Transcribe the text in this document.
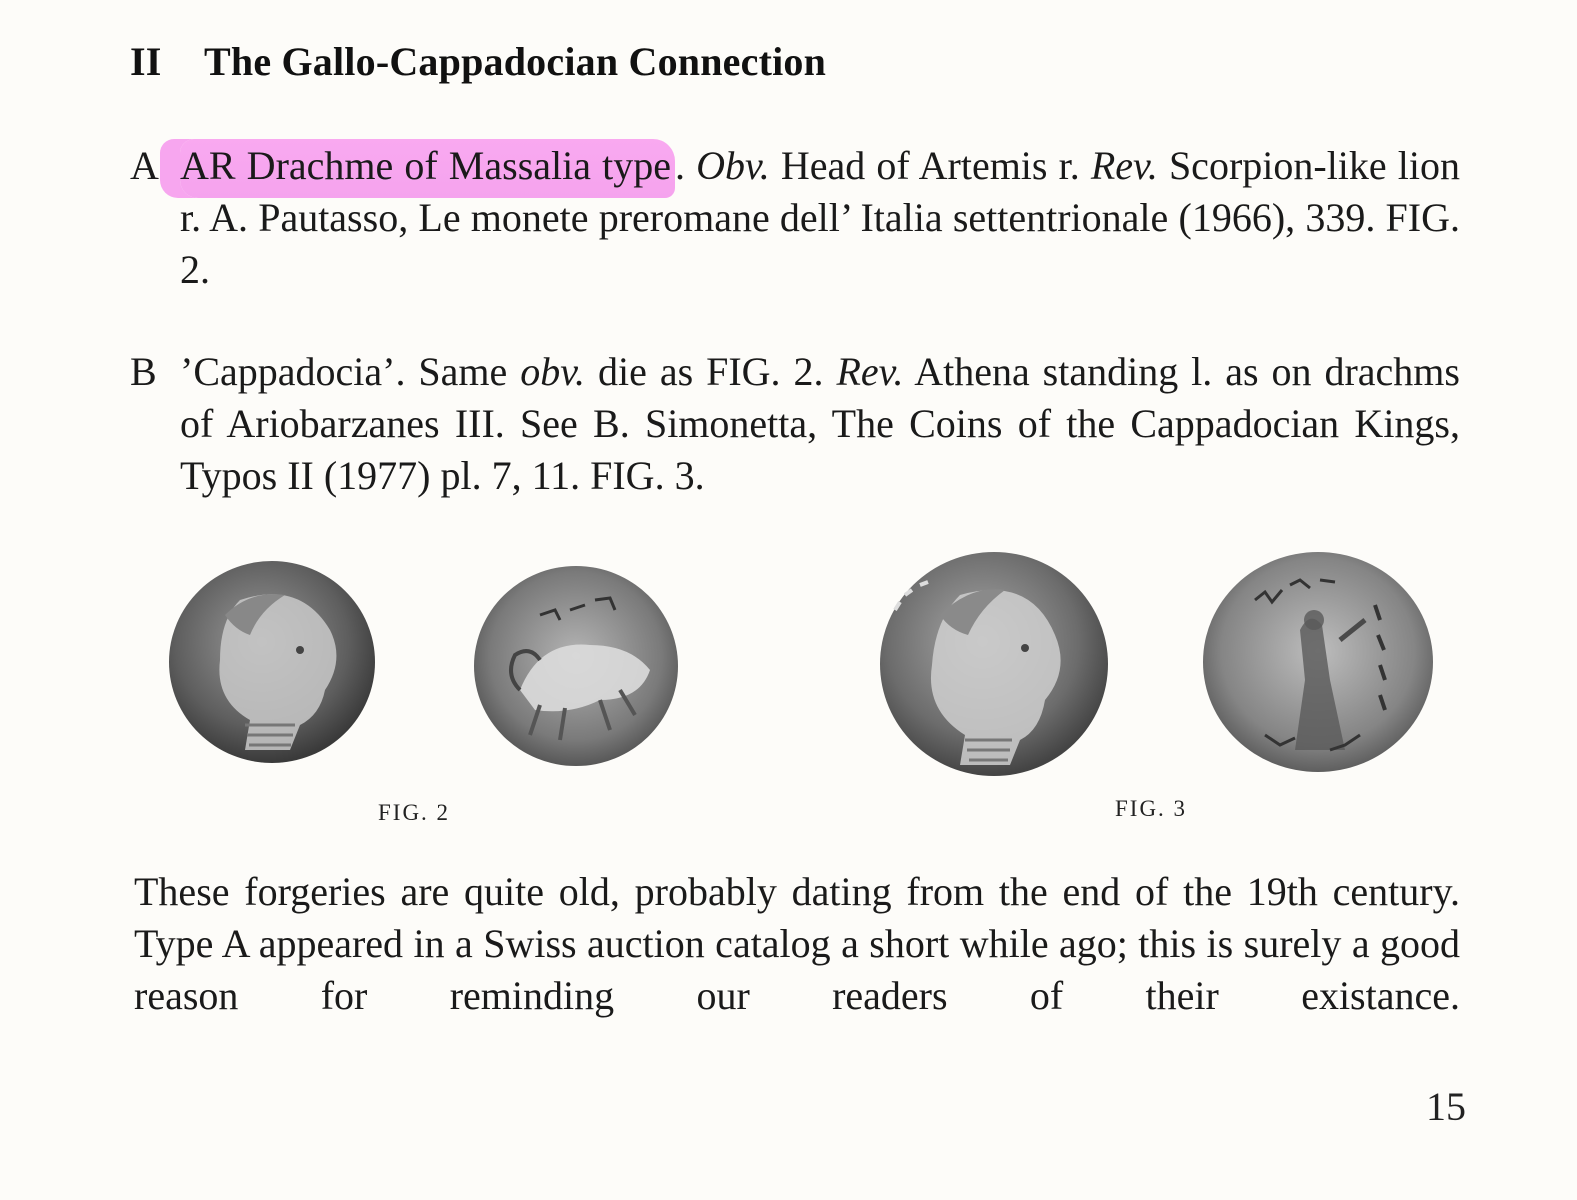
II The Gallo-Cappadocian Connection
A AR Drachme of Massalia type . Obv. Head of Artemis r. Rev. Scorpion-like lion r. A. Pautasso, Le monete preromane dell’ Italia settentrionale (1966), 339. FIG. 2.

B ’Cappadocia’. Same obv. die as FIG. 2. Rev. Athena standing l. as on drachms of Ariobarzanes III. See B. Simonetta, The Coins of the Cappadocian Kings, Typos II (1977) pl. 7, 11. FIG. 3.

FIG. 2	FIG. 3

These forgeries are quite old, probably dating from the end of the 19th century. Type A appeared in a Swiss auction catalog a short while ago; this is surely a good reason for reminding our readers of their existance.

15
